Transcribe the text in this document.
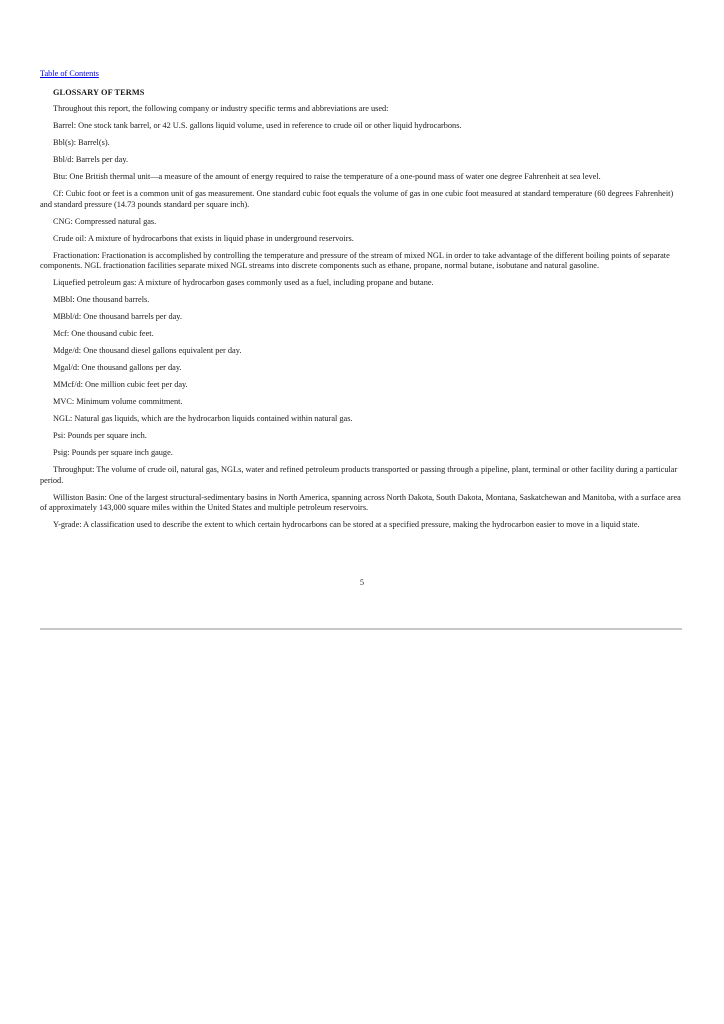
Table of Contents
GLOSSARY OF TERMS

Throughout this report, the following company or industry specific terms and abbreviations are used:

Barrel: One stock tank barrel, or 42 U.S. gallons liquid volume, used in reference to crude oil or other liquid hydrocarbons.

Bbl(s): Barrel(s).

Bbl/d: Barrels per day.

Btu: One British thermal unit—a measure of the amount of energy required to raise the temperature of a one-pound mass of water one degree Fahrenheit at sea level.

Cf: Cubic foot or feet is a common unit of gas measurement. One standard cubic foot equals the volume of gas in one cubic foot measured at standard temperature (60 degrees Fahrenheit) and standard pressure (14.73 pounds standard per square inch).

CNG: Compressed natural gas.

Crude oil: A mixture of hydrocarbons that exists in liquid phase in underground reservoirs.

Fractionation: Fractionation is accomplished by controlling the temperature and pressure of the stream of mixed NGL in order to take advantage of the different boiling points of separate components. NGL fractionation facilities separate mixed NGL streams into discrete components such as ethane, propane, normal butane, isobutane and natural gasoline.

Liquefied petroleum gas: A mixture of hydrocarbon gases commonly used as a fuel, including propane and butane.

MBbl: One thousand barrels.

MBbl/d: One thousand barrels per day.

Mcf: One thousand cubic feet.

Mdge/d: One thousand diesel gallons equivalent per day.

Mgal/d: One thousand gallons per day.

MMcf/d: One million cubic feet per day.

MVC: Minimum volume commitment.

NGL: Natural gas liquids, which are the hydrocarbon liquids contained within natural gas.

Psi: Pounds per square inch.

Psig: Pounds per square inch gauge.

Throughput: The volume of crude oil, natural gas, NGLs, water and refined petroleum products transported or passing through a pipeline, plant, terminal or other facility during a particular period.

Williston Basin: One of the largest structural-sedimentary basins in North America, spanning across North Dakota, South Dakota, Montana, Saskatchewan and Manitoba, with a surface area of approximately 143,000 square miles within the United States and multiple petroleum reservoirs.

Y-grade: A classification used to describe the extent to which certain hydrocarbons can be stored at a specified pressure, making the hydrocarbon easier to move in a liquid state.

5
